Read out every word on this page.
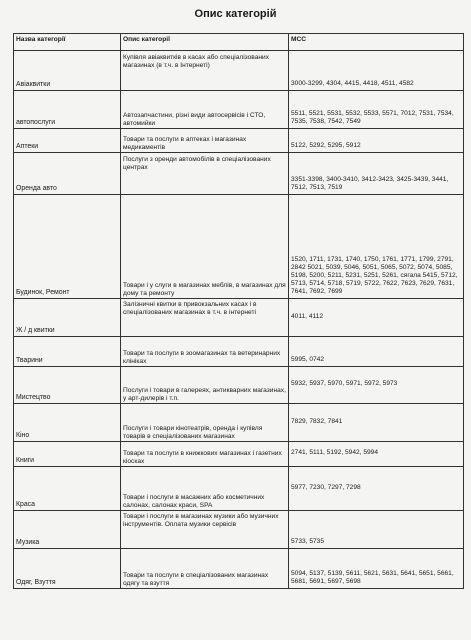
Опис категорій
Назва категорії	Опис категорії	МСС
Авіаквитки	Купівля авіаквитків в касах або спеціалізованих магазинах (в т.ч. в Інтернеті)	3000-3299, 4304, 4415, 4418, 4511, 4582
автопослуги	Автозапчастини, різні види автосервісів і СТО, автомийки	5511, 5521, 5531, 5532, 5533, 5571, 7012, 7531, 7534, 7535, 7538, 7542, 7549
Аптеки	Товари та послуги в аптеках і магазинах медикаментів	5122, 5292, 5295, 5912
Оренда авто	Послуги з оренди автомобілів в спеціалізованих центрах	3351-3398, 3400-3410, 3412-3423, 3425-3439, 3441, 7512, 7513, 7519
Будинок, Ремонт	Товари і у слуги в магазинах меблів, в магазинах для дому та ремонту	1520, 1711, 1731, 1740, 1750, 1761, 1771, 1799, 2791, 2842 5021, 5039, 5046, 5051, 5065, 5072, 5074, 5085, 5198, 5200, 5211, 5231, 5251, 5261, сягала 5415, 5712, 5713, 5714, 5718, 5719, 5722, 7622, 7623, 7629, 7631, 7641, 7692, 7699
Ж / д квитки	Залізничні квитки в привокзальних касах і в спеціалізованих магазинах в т.ч. в інтернеті	4011, 4112
Тварини	Товари та послуги в зоомагазинах та ветеринарних клініках	5995, 0742
Мистецтво	Послуги і товари в галереях, антикварних магазинах, у арт-дилерів і т.п.	5932, 5937, 5970, 5971, 5972, 5973
Кіно	Послуги і товари кінотеатрів, оренда і купівля товарів в спеціалізованих магазинах	7829, 7832, 7841
Книги	Товари та послуги в книжкових магазинах і газетних кіосках	2741, 5111, 5192, 5942, 5994
Краса	Товари і послуги в масажних або косметичних салонах, салонах краси, SPA	5977, 7230, 7297, 7298
Музика	Товари і послуги в магазинах музики або музичних інструментів. Оплата музики сервісів	5733, 5735
Одяг, Взуття	Товари та послуги в спеціалізованих магазинах одягу та взуття	5094, 5137, 5139, 5611, 5621, 5631, 5641, 5651, 5661, 5681, 5691, 5697, 5698
